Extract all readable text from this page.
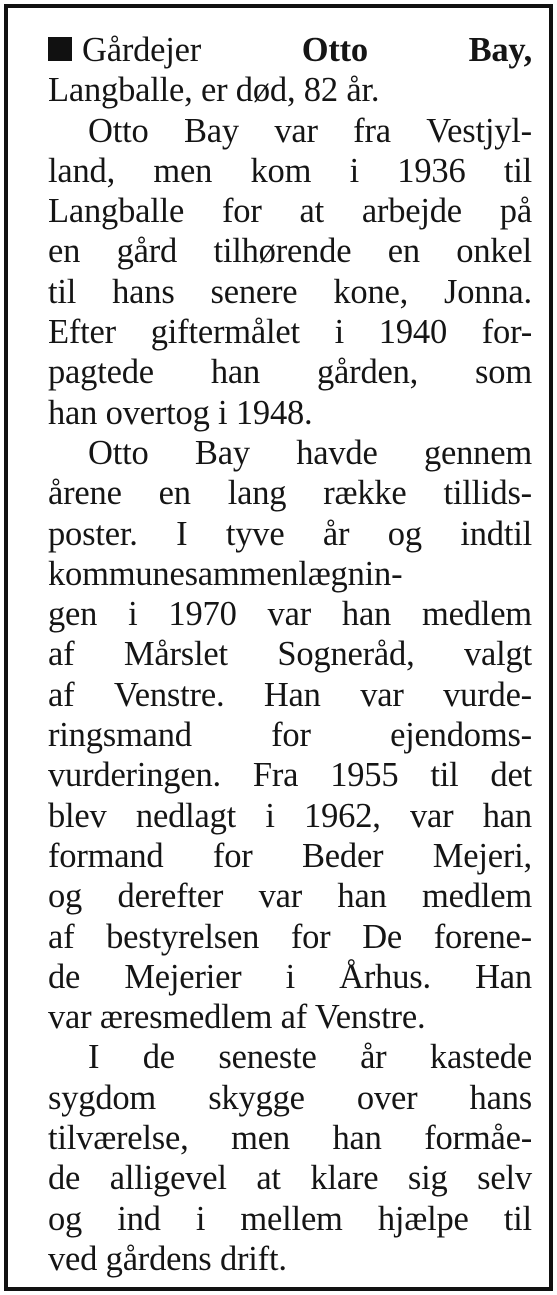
Gårdejer	Otto	Bay,
Langballe, er død, 82 år.
Otto Bay var fra Vestjyl-
land, men kom i 1936 til
Langballe for at arbejde på
en gård tilhørende en onkel
til hans senere kone, Jonna.
Efter giftermålet i 1940 for-
pagtede han gården, som
han overtog i 1948.
Otto Bay havde gennem
årene en lang række tillids-
poster. I tyve år og indtil
kommunesammenlægnin-
gen i 1970 var han medlem
af Mårslet Sogneråd, valgt
af Venstre. Han var vurde-
ringsmand for ejendoms-
vurderingen. Fra 1955 til det
blev nedlagt i 1962, var han
formand for Beder Mejeri,
og derefter var han medlem
af bestyrelsen for De forene-
de Mejerier i Århus. Han
var æresmedlem af Venstre.
I de seneste år kastede
sygdom skygge over hans
tilværelse, men han formåe-
de alligevel at klare sig selv
og ind i mellem hjælpe til
ved gårdens drift.
